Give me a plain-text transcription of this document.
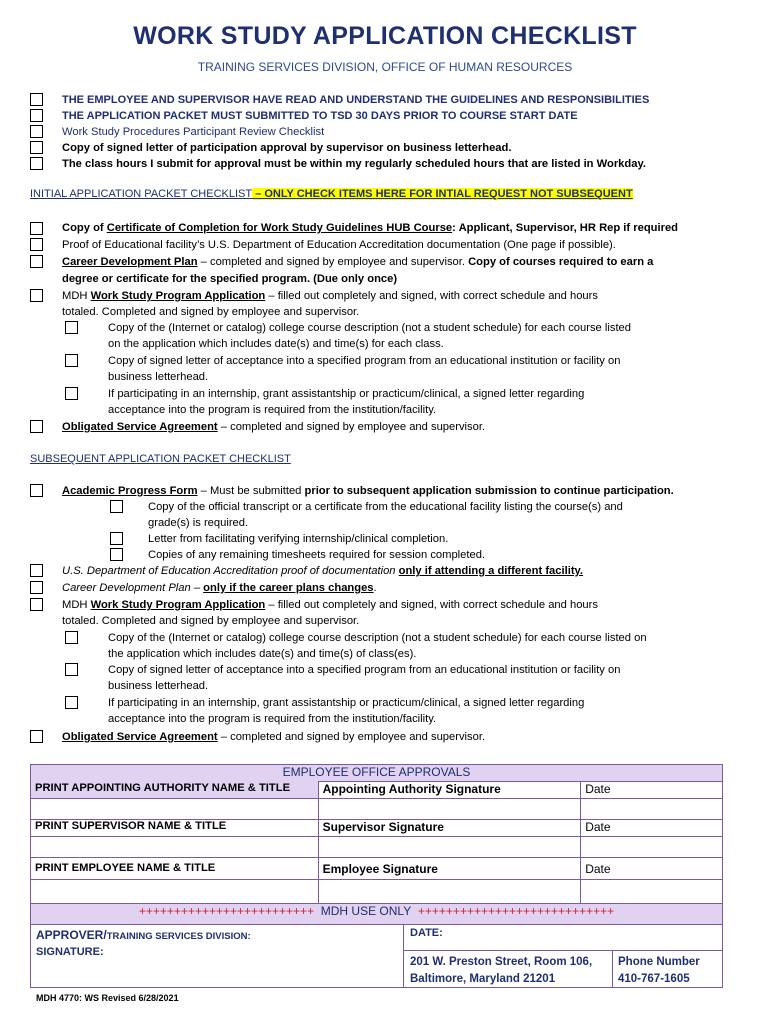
WORK STUDY APPLICATION CHECKLIST
TRAINING SERVICES DIVISION, OFFICE OF HUMAN RESOURCES
THE EMPLOYEE AND SUPERVISOR HAVE READ AND UNDERSTAND THE GUIDELINES AND RESPONSIBILITIES
THE APPLICATION PACKET MUST SUBMITTED TO TSD 30 DAYS PRIOR TO COURSE START DATE
Work Study Procedures Participant Review Checklist
Copy of signed letter of participation approval by supervisor on business letterhead.
The class hours I submit for approval must be within my regularly scheduled hours that are listed in Workday.
INITIAL APPLICATION PACKET CHECKLIST – ONLY CHECK ITEMS HERE FOR INTIAL REQUEST NOT SUBSEQUENT
Copy of Certificate of Completion for Work Study Guidelines HUB Course: Applicant, Supervisor, HR Rep if required
Proof of Educational facility’s U.S. Department of Education Accreditation documentation (One page if possible).
Career Development Plan – completed and signed by employee and supervisor. Copy of courses required to earn a
degree or certificate for the specified program. (Due only once)
MDH Work Study Program Application – filled out completely and signed, with correct schedule and hours
totaled. Completed and signed by employee and supervisor.
Copy of the (Internet or catalog) college course description (not a student schedule) for each course listed
on the application which includes date(s) and time(s) for each class.
Copy of signed letter of acceptance into a specified program from an educational institution or facility on
business letterhead.
If participating in an internship, grant assistantship or practicum/clinical, a signed letter regarding
acceptance into the program is required from the institution/facility.
Obligated Service Agreement – completed and signed by employee and supervisor.
SUBSEQUENT APPLICATION PACKET CHECKLIST
Academic Progress Form – Must be submitted prior to subsequent application submission to continue participation.
Copy of the official transcript or a certificate from the educational facility listing the course(s) and
grade(s) is required.
Letter from facilitating verifying internship/clinical completion.
Copies of any remaining timesheets required for session completed.
U.S. Department of Education Accreditation proof of documentation only if attending a different facility.
Career Development Plan – only if the career plans changes.
MDH Work Study Program Application – filled out completely and signed, with correct schedule and hours
totaled. Completed and signed by employee and supervisor.
Copy of the (Internet or catalog) college course description (not a student schedule) for each course listed on
the application which includes date(s) and time(s) of class(es).
Copy of signed letter of acceptance into a specified program from an educational institution or facility on
business letterhead.
If participating in an internship, grant assistantship or practicum/clinical, a signed letter regarding
acceptance into the program is required from the institution/facility.
Obligated Service Agreement – completed and signed by employee and supervisor.
EMPLOYEE OFFICE APPROVALS		
PRINT APPOINTING AUTHORITY NAME & TITLE	Appointing Authority Signature	Date

PRINT SUPERVISOR NAME & TITLE	Supervisor Signature	Date

PRINT EMPLOYEE NAME & TITLE	Employee Signature	Date

+++++++++++++++++++++++++ MDH USE ONLY ++++++++++++++++++++++++++++		
APPROVER/TRAINING SERVICES DIVISION:
SIGNATURE:
DATE:
201 W. Preston Street, Room 106,
Baltimore, Maryland 21201
Phone Number
410-767-1605
MDH 4770: WS Revised 6/28/2021
